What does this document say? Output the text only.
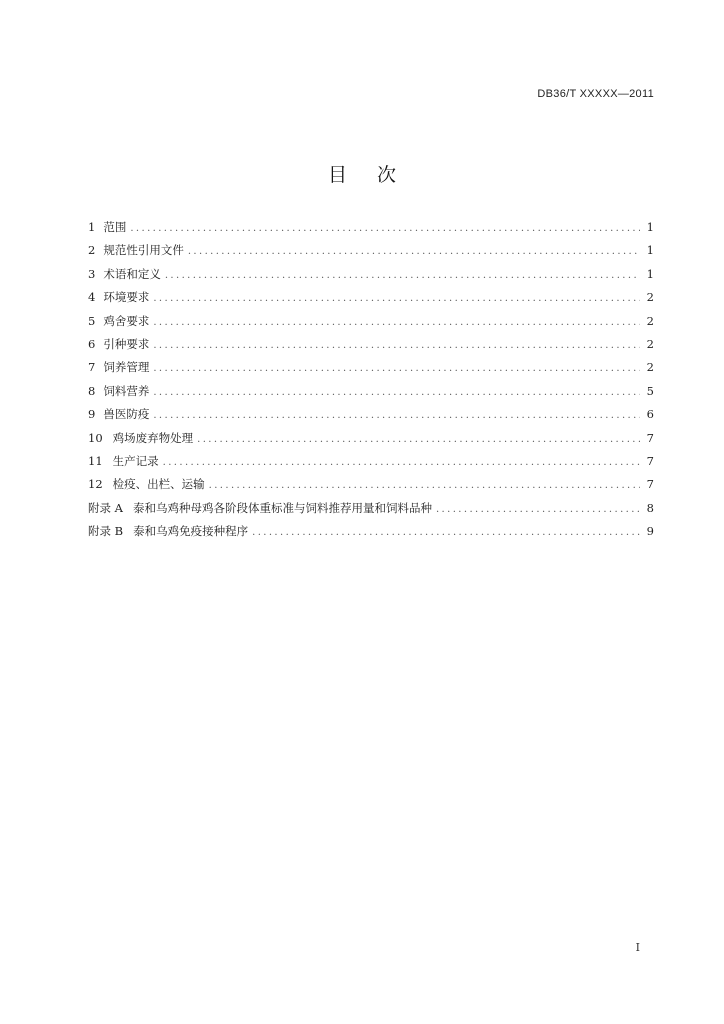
DB36/T XXXXX—2011
目次
1 范围 .....	1
2 规范性引用文件 .....	1
3 术语和定义 .....	1
4 环境要求 .....	2
5 鸡舍要求 .....	2
6 引种要求 .....	2
7 饲养管理 .....	2
8 饲料营养 .....	5
9 兽医防疫 .....	6
10 鸡场废弃物处理 .....	7
11 生产记录 .....	7
12 检疫、出栏、运输 .....	7
附录 A 泰和乌鸡种母鸡各阶段体重标准与饲料推荐用量和饲料品种 .....	8
附录 B 泰和乌鸡免疫接种程序 .....	9
I
